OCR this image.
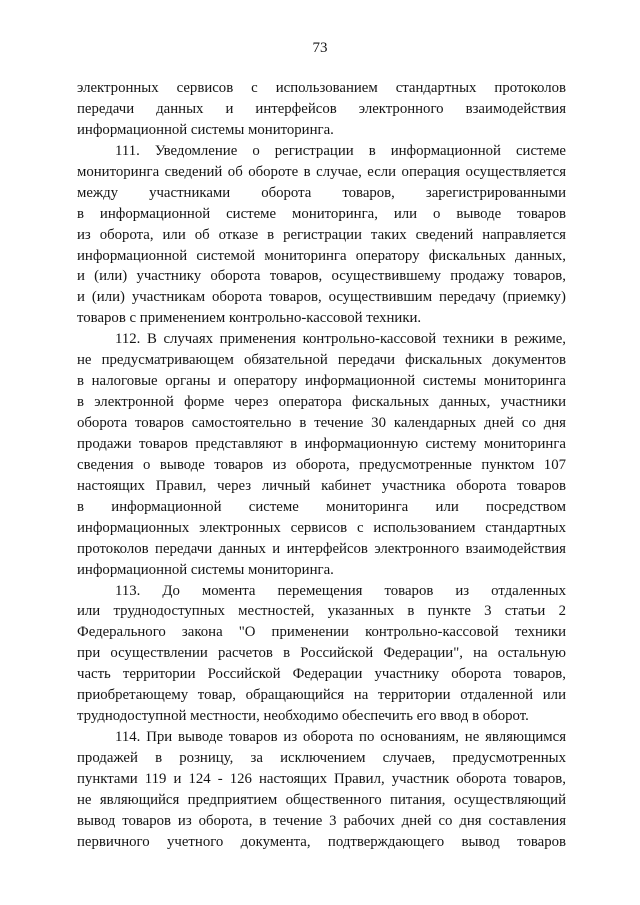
73
электронных сервисов с использованием стандартных протоколов
передачи данных и интерфейсов электронного взаимодействия
информационной системы мониторинга.
111. Уведомление о регистрации в информационной системе
мониторинга сведений об обороте в случае, если операция осуществляется
между участниками оборота товаров, зарегистрированными
в информационной системе мониторинга, или о выводе товаров
из оборота, или об отказе в регистрации таких сведений направляется
информационной системой мониторинга оператору фискальных данных,
и (или) участнику оборота товаров, осуществившему продажу товаров,
и (или) участникам оборота товаров, осуществившим передачу (приемку)
товаров с применением контрольно-кассовой техники.
112. В случаях применения контрольно-кассовой техники в режиме,
не предусматривающем обязательной передачи фискальных документов
в налоговые органы и оператору информационной системы мониторинга
в электронной форме через оператора фискальных данных, участники
оборота товаров самостоятельно в течение 30 календарных дней со дня
продажи товаров представляют в информационную систему мониторинга
сведения о выводе товаров из оборота, предусмотренные пунктом 107
настоящих Правил, через личный кабинет участника оборота товаров
в информационной системе мониторинга или посредством
информационных электронных сервисов с использованием стандартных
протоколов передачи данных и интерфейсов электронного взаимодействия
информационной системы мониторинга.
113. До момента перемещения товаров из отдаленных
или труднодоступных местностей, указанных в пункте 3 статьи 2
Федерального закона "О применении контрольно-кассовой техники
при осуществлении расчетов в Российской Федерации", на остальную
часть территории Российской Федерации участнику оборота товаров,
приобретающему товар, обращающийся на территории отдаленной или
труднодоступной местности, необходимо обеспечить его ввод в оборот.
114. При выводе товаров из оборота по основаниям, не являющимся
продажей в розницу, за исключением случаев, предусмотренных
пунктами 119 и 124 - 126 настоящих Правил, участник оборота товаров,
не являющийся предприятием общественного питания, осуществляющий
вывод товаров из оборота, в течение 3 рабочих дней со дня составления
первичного учетного документа, подтверждающего вывод товаров
